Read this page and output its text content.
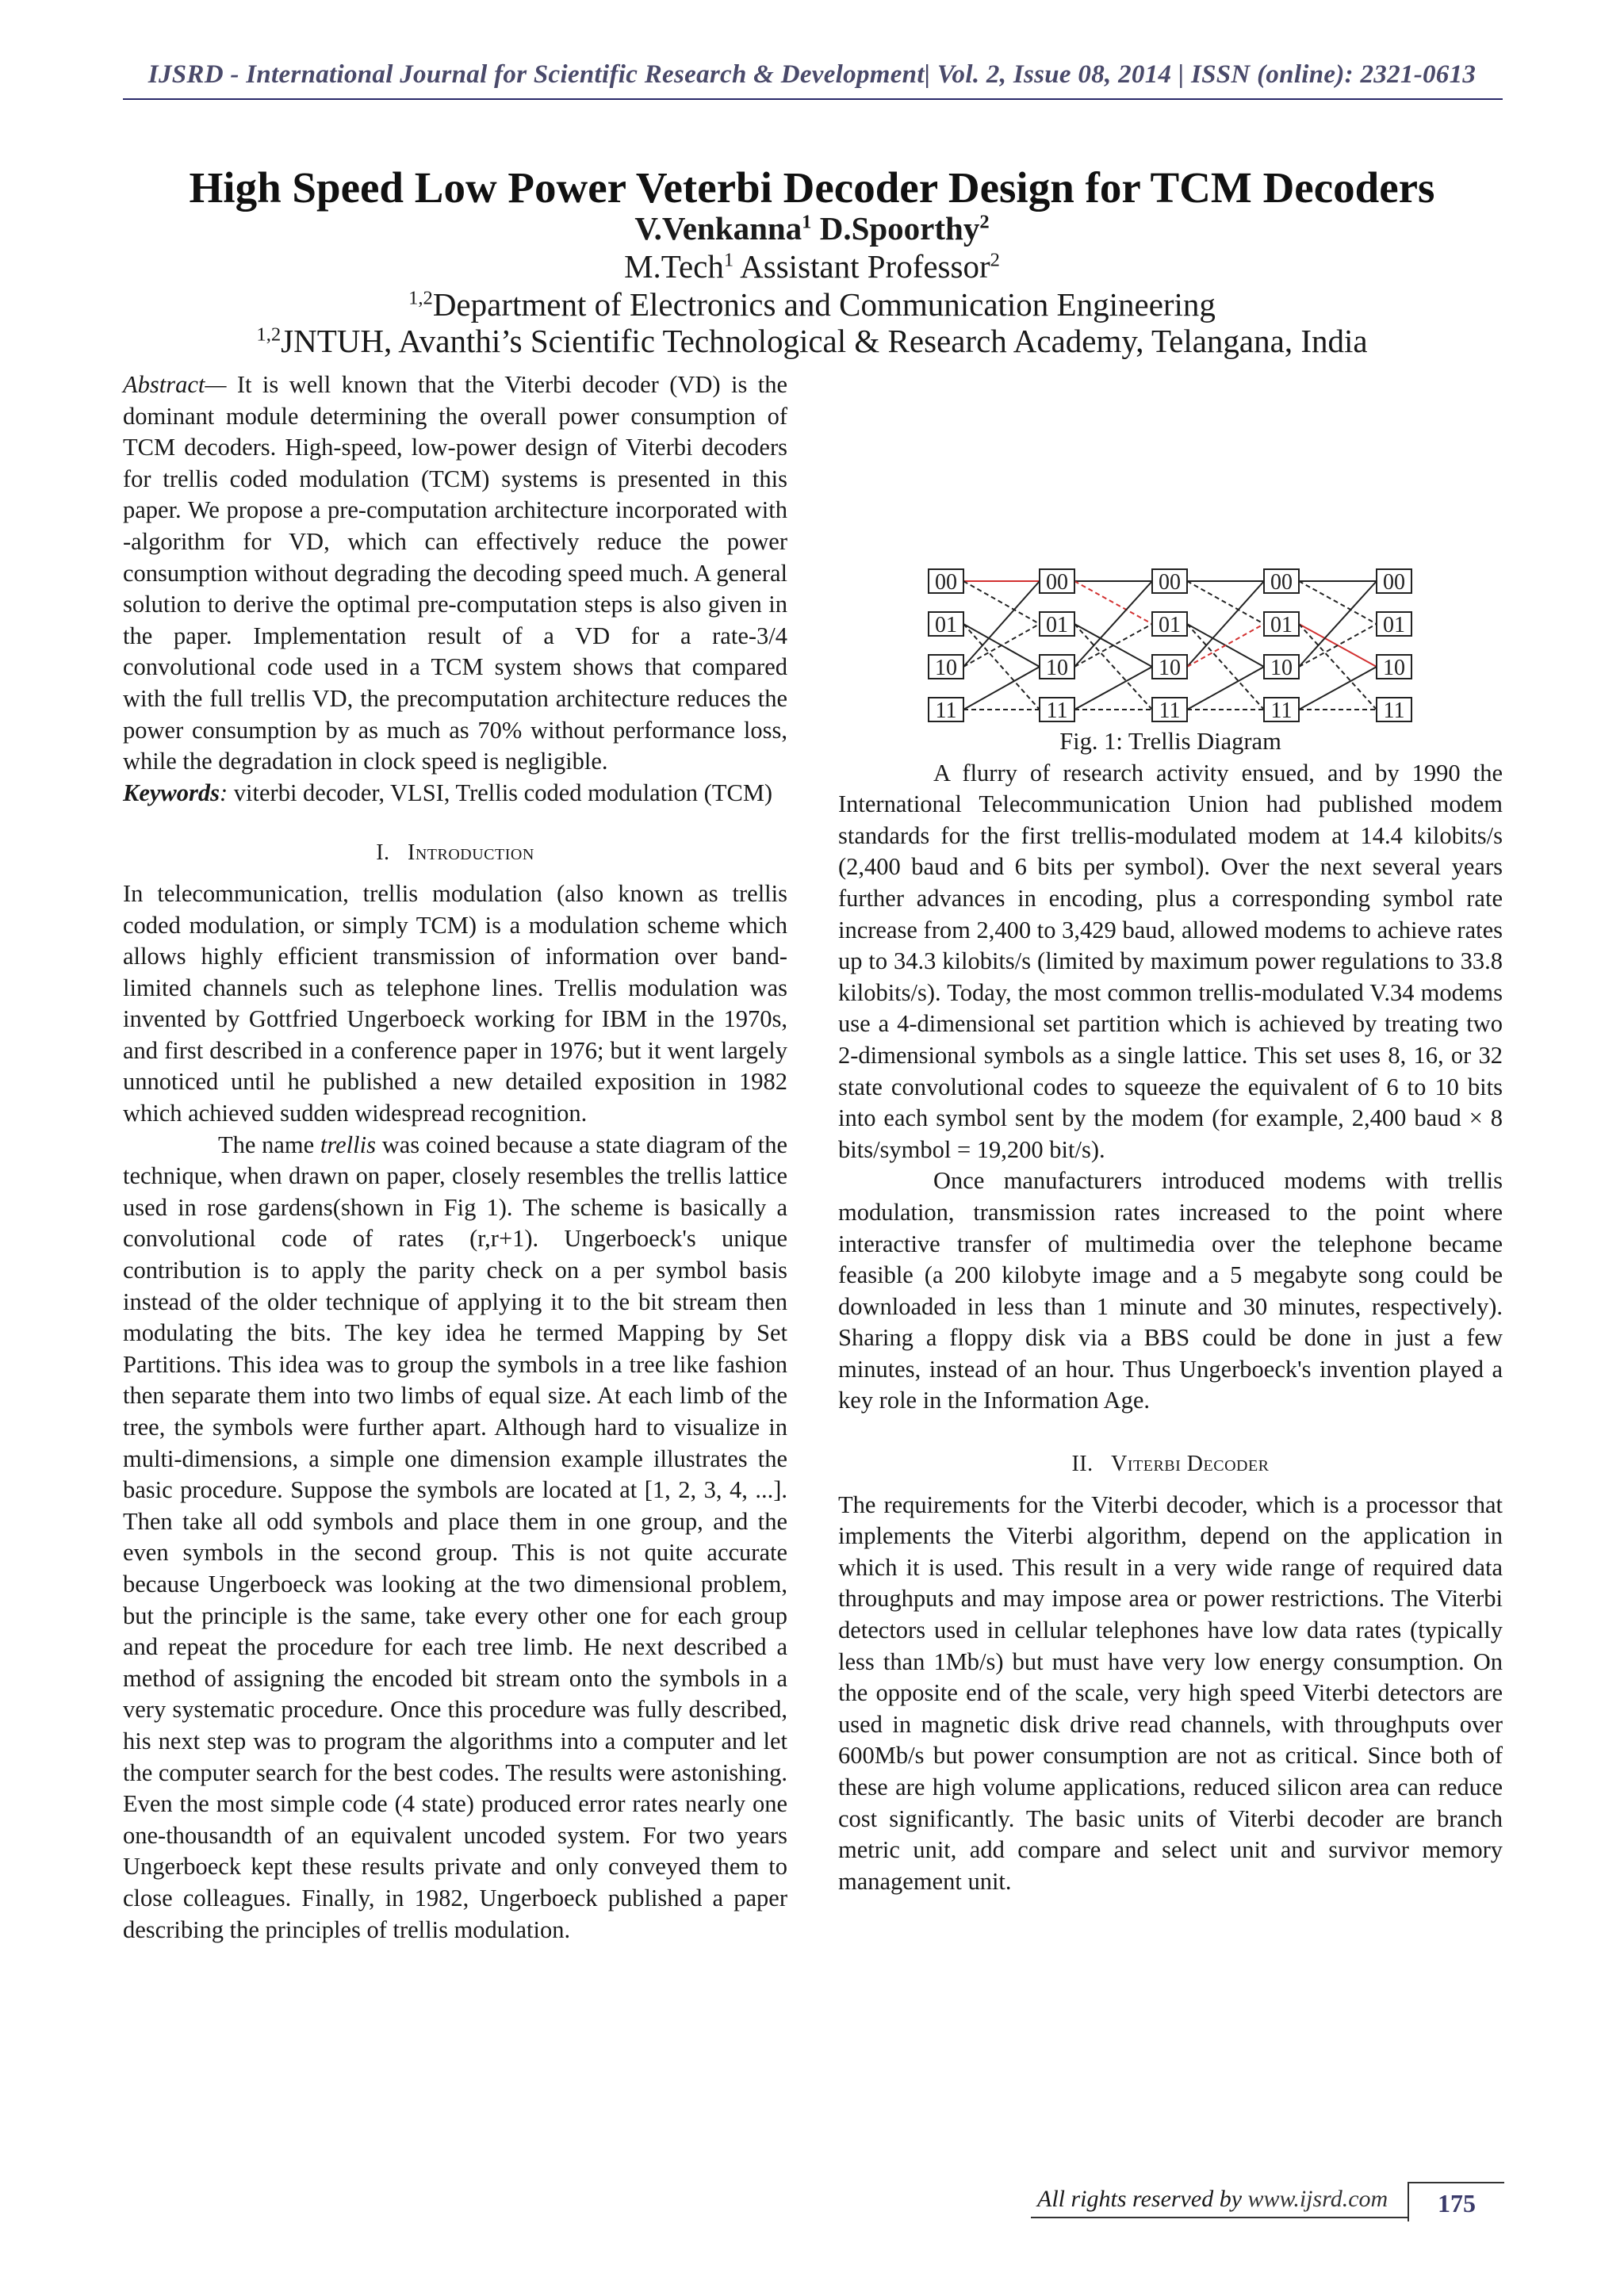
IJSRD - International Journal for Scientific Research & Development| Vol. 2, Issue 08, 2014 | ISSN (online): 2321-0613
High Speed Low Power Veterbi Decoder Design for TCM Decoders
V.Venkanna$^1$ D.Spoorthy$^2$
M.Tech$^1$ Assistant Professor$^2$
$^{1,2}$Department of Electronics and Communication Engineering
$^{1,2}$JNTUH, Avanthi’s Scientific Technological & Research Academy, Telangana, India

Abstract— It is well known that the Viterbi decoder (VD) is the dominant module determining the overall power consumption of TCM decoders. High-speed, low-power design of Viterbi decoders for trellis coded modulation (TCM) systems is presented in this paper. We propose a pre-computation architecture incorporated with -algorithm for VD, which can effectively reduce the power consumption without degrading the decoding speed much. A general solution to derive the optimal pre-computation steps is also given in the paper. Implementation result of a VD for a rate-3/4 convolutional code used in a TCM system shows that compared with the full trellis VD, the precomputation architecture reduces the power consumption by as much as 70% without performance loss, while the degradation in clock speed is negligible.

Keywords: viterbi decoder, VLSI, Trellis coded modulation (TCM)

I. Introduction

In telecommunication, trellis modulation (also known as trellis coded modulation, or simply TCM) is a modulation scheme which allows highly efficient transmission of information over band-limited channels such as telephone lines. Trellis modulation was invented by Gottfried Ungerboeck working for IBM in the 1970s, and first described in a conference paper in 1976; but it went largely unnoticed until he published a new detailed exposition in 1982 which achieved sudden widespread recognition.

The name trellis was coined because a state diagram of the technique, when drawn on paper, closely resembles the trellis lattice used in rose gardens(shown in Fig 1). The scheme is basically a convolutional code of rates (r,r+1). Ungerboeck's unique contribution is to apply the parity check on a per symbol basis instead of the older technique of applying it to the bit stream then modulating the bits. The key idea he termed Mapping by Set Partitions. This idea was to group the symbols in a tree like fashion then separate them into two limbs of equal size. At each limb of the tree, the symbols were further apart. Although hard to visualize in multi-dimensions, a simple one dimension example illustrates the basic procedure. Suppose the symbols are located at [1, 2, 3, 4, ...]. Then take all odd symbols and place them in one group, and the even symbols in the second group. This is not quite accurate because Ungerboeck was looking at the two dimensional problem, but the principle is the same, take every other one for each group and repeat the procedure for each tree limb. He next described a method of assigning the encoded bit stream onto the symbols in a very systematic procedure. Once this procedure was fully described, his next step was to program the algorithms into a computer and let the computer search for the best codes. The results were astonishing. Even the most simple code (4 state) produced error rates nearly one one-thousandth of an equivalent uncoded system. For two years Ungerboeck kept these results private and only conveyed them to close colleagues. Finally, in 1982, Ungerboeck published a paper describing the principles of trellis modulation.

00
01
10
11
00
01
10
11
00
01
10
11
00
01
10
11
00
01
10
11
Fig. 1: Trellis Diagram

A flurry of research activity ensued, and by 1990 the International Telecommunication Union had published modem standards for the first trellis-modulated modem at 14.4 kilobits/s (2,400 baud and 6 bits per symbol). Over the next several years further advances in encoding, plus a corresponding symbol rate increase from 2,400 to 3,429 baud, allowed modems to achieve rates up to 34.3 kilobits/s (limited by maximum power regulations to 33.8 kilobits/s). Today, the most common trellis-modulated V.34 modems use a 4-dimensional set partition which is achieved by treating two 2-dimensional symbols as a single lattice. This set uses 8, 16, or 32 state convolutional codes to squeeze the equivalent of 6 to 10 bits into each symbol sent by the modem (for example, 2,400 baud × 8 bits/symbol = 19,200 bit/s).

Once manufacturers introduced modems with trellis modulation, transmission rates increased to the point where interactive transfer of multimedia over the telephone became feasible (a 200 kilobyte image and a 5 megabyte song could be downloaded in less than 1 minute and 30 minutes, respectively). Sharing a floppy disk via a BBS could be done in just a few minutes, instead of an hour. Thus Ungerboeck's invention played a key role in the Information Age.

II. Viterbi Decoder

The requirements for the Viterbi decoder, which is a processor that implements the Viterbi algorithm, depend on the application in which it is used. This result in a very wide range of required data throughputs and may impose area or power restrictions. The Viterbi detectors used in cellular telephones have low data rates (typically less than 1Mb/s) but must have very low energy consumption. On the opposite end of the scale, very high speed Viterbi detectors are used in magnetic disk drive read channels, with throughputs over 600Mb/s but power consumption are not as critical. Since both of these are high volume applications, reduced silicon area can reduce cost significantly. The basic units of Viterbi decoder are branch metric unit, add compare and select unit and survivor memory management unit.

All rights reserved by www.ijsrd.com	175
